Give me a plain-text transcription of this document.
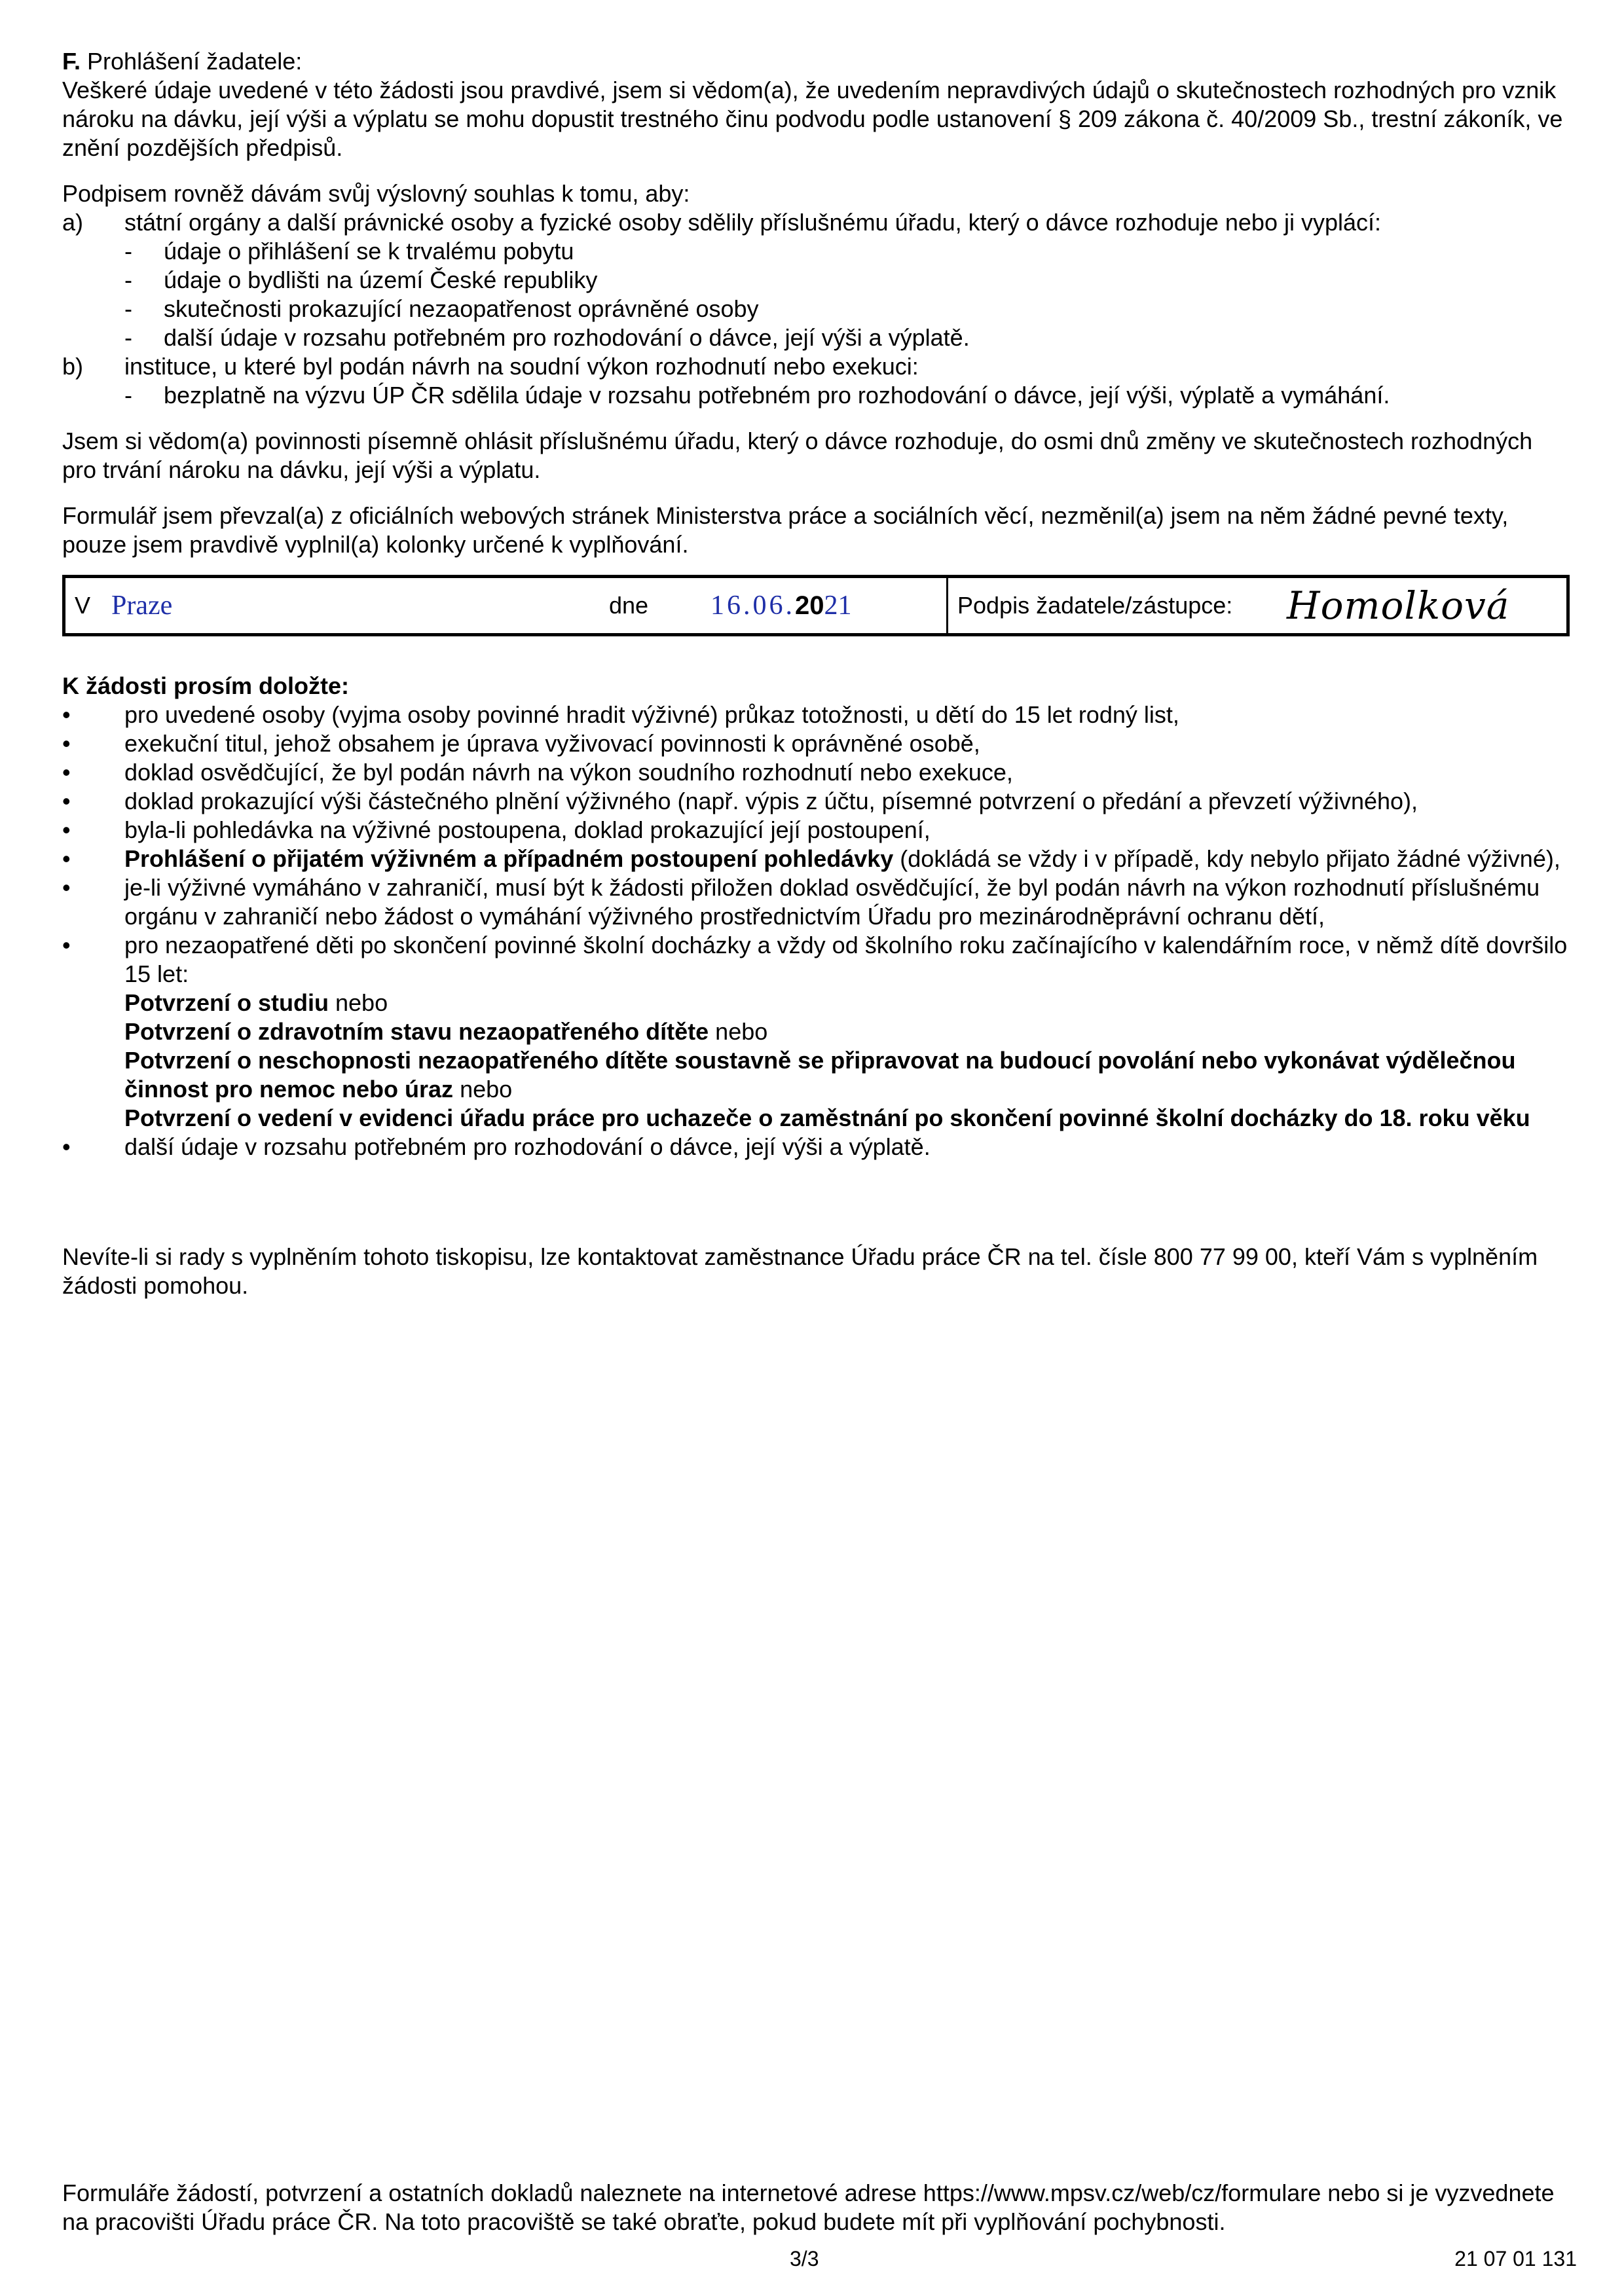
F. Prohlášení žadatele:

Veškeré údaje uvedené v této žádosti jsou pravdivé, jsem si vědom(a), že uvedením nepravdivých údajů o skutečnostech rozhodných pro vznik nároku na dávku, její výši a výplatu se mohu dopustit trestného činu podvodu podle ustanovení § 209 zákona č. 40/2009 Sb., trestní zákoník, ve znění pozdějších předpisů.

Podpisem rovněž dávám svůj výslovný souhlas k tomu, aby:

a)	státní orgány a další právnické osoby a fyzické osoby sdělily příslušnému úřadu, který o dávce rozhoduje nebo ji vyplácí:
-	údaje o přihlášení se k trvalému pobytu
-	údaje o bydlišti na území České republiky
-	skutečnosti prokazující nezaopatřenost oprávněné osoby
-	další údaje v rozsahu potřebném pro rozhodování o dávce, její výši a výplatě.
b)	instituce, u které byl podán návrh na soudní výkon rozhodnutí nebo exekuci:
-	bezplatně na výzvu ÚP ČR sdělila údaje v rozsahu potřebném pro rozhodování o dávce, její výši, výplatě a vymáhání.

Jsem si vědom(a) povinnosti písemně ohlásit příslušnému úřadu, který o dávce rozhoduje, do osmi dnů změny ve skutečnostech rozhodných pro trvání nároku na dávku, její výši a výplatu.

Formulář jsem převzal(a) z oficiálních webových stránek Ministerstva práce a sociálních věcí, nezměnil(a) jsem na něm žádné pevné texty, pouze jsem pravdivě vyplnil(a) kolonky určené k vyplňování.

V Praze	dne 16.06. 20 21	Podpis žadatele/zástupce: Homolková

K žádosti prosím doložte:

•	pro uvedené osoby (vyjma osoby povinné hradit výživné) průkaz totožnosti, u dětí do 15 let rodný list,
•	exekuční titul, jehož obsahem je úprava vyživovací povinnosti k oprávněné osobě,
•	doklad osvědčující, že byl podán návrh na výkon soudního rozhodnutí nebo exekuce,
•	doklad prokazující výši částečného plnění výživného (např. výpis z účtu, písemné potvrzení o předání a převzetí výživného),
•	byla-li pohledávka na výživné postoupena, doklad prokazující její postoupení,
•	Prohlášení o přijatém výživném a případném postoupení pohledávky (dokládá se vždy i v případě, kdy nebylo přijato žádné výživné),
•	je-li výživné vymáháno v zahraničí, musí být k žádosti přiložen doklad osvědčující, že byl podán návrh na výkon rozhodnutí příslušnému orgánu v zahraničí nebo žádost o vymáhání výživného prostřednictvím Úřadu pro mezinárodněprávní ochranu dětí,
•	pro nezaopatřené děti po skončení povinné školní docházky a vždy od školního roku začínajícího v kalendářním roce, v němž dítě dovršilo 15 let:
Potvrzení o studiu nebo
Potvrzení o zdravotním stavu nezaopatřeného dítěte nebo
Potvrzení o neschopnosti nezaopatřeného dítěte soustavně se připravovat na budoucí povolání nebo vykonávat výdělečnou činnost pro nemoc nebo úraz nebo
Potvrzení o vedení v evidenci úřadu práce pro uchazeče o zaměstnání po skončení povinné školní docházky do 18. roku věku
•	další údaje v rozsahu potřebném pro rozhodování o dávce, její výši a výplatě.

Nevíte-li si rady s vyplněním tohoto tiskopisu, lze kontaktovat zaměstnance Úřadu práce ČR na tel. čísle 800 77 99 00, kteří Vám s vyplněním žádosti pomohou.

Formuláře žádostí, potvrzení a ostatních dokladů naleznete na internetové adrese https://www.mpsv.cz/web/cz/formulare nebo si je vyzvednete na pracovišti Úřadu práce ČR. Na toto pracoviště se také obraťte, pokud budete mít při vyplňování pochybnosti.

3/3	21 07 01 131
